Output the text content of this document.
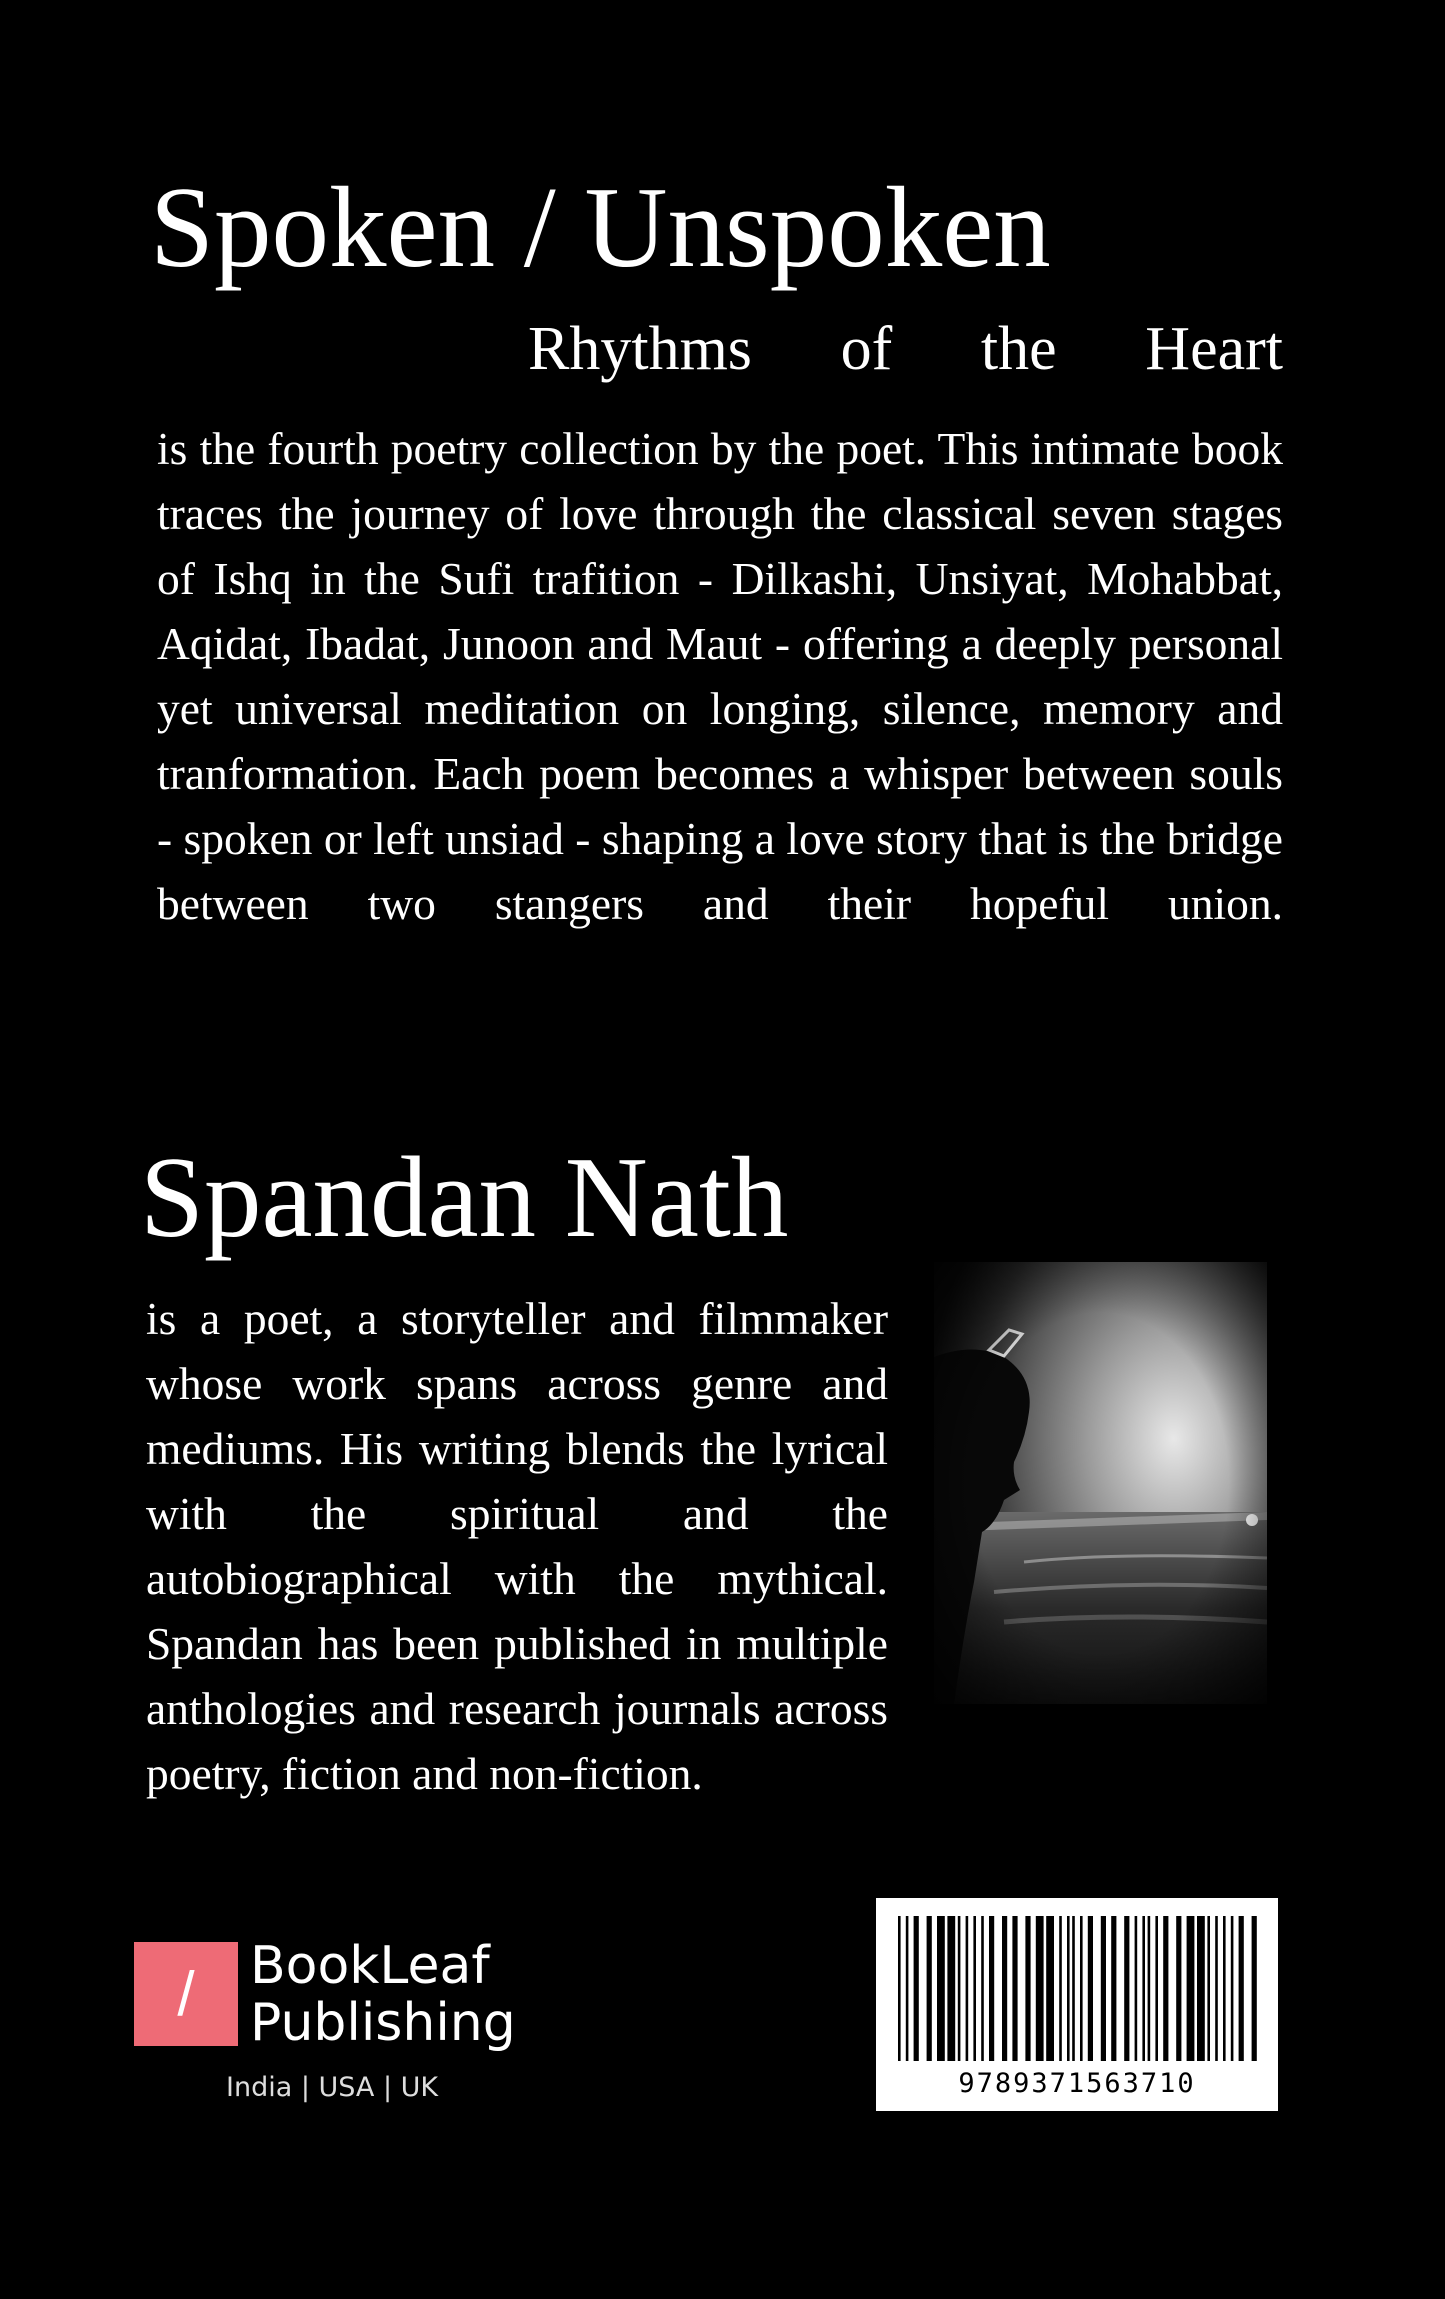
Spoken / Unspoken
Rhythms of the Heart

is the fourth poetry collection by the poet. This intimate book traces the journey of love through the classical seven stages of Ishq in the Sufi trafition - Dilkashi, Unsiyat, Mohabbat, Aqidat, Ibadat, Junoon and Maut - offering a deeply personal yet universal meditation on longing, silence, memory and tranformation. Each poem becomes a whisper between souls - spoken or left unsiad - shaping a love story that is the bridge between two stangers and their hopeful union.

Spandan Nath

is a poet, a storyteller and filmmaker whose work spans across genre and mediums. His writing blends the lyrical with the spiritual and the autobiographical with the mythical. Spandan has been published in multiple anthologies and research journals across poetry, fiction and non-fiction.

/	BookLeaf
Publishing
India | USA | UK	9789371563710
